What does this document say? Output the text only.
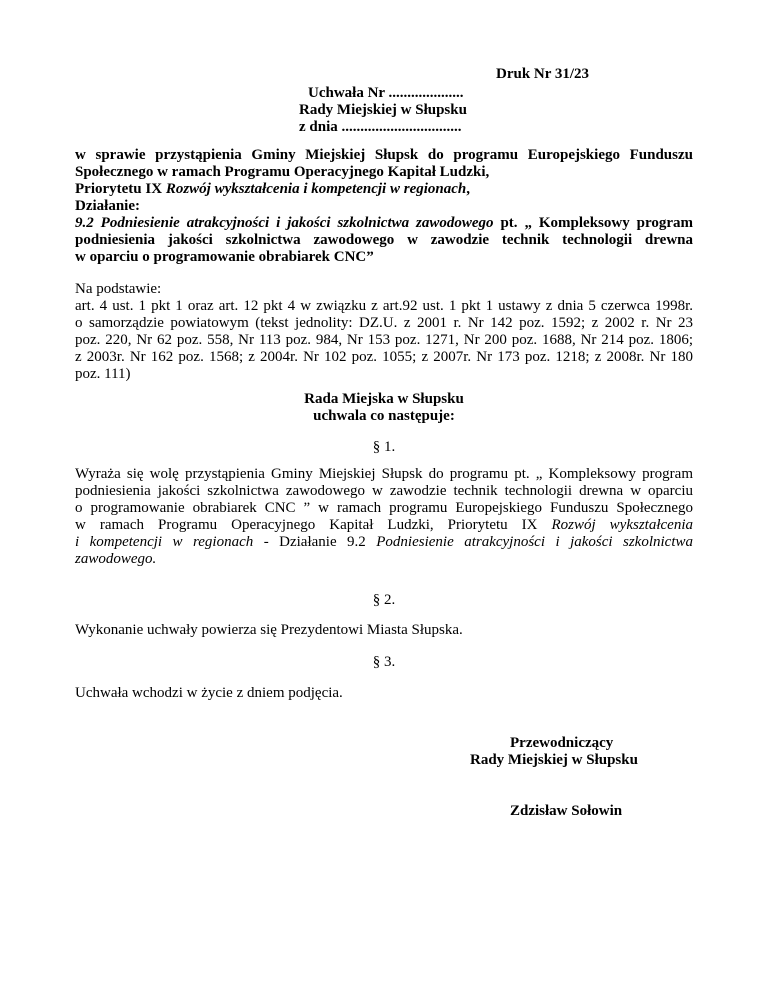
Druk Nr 31/23
Uchwała Nr ....................
Rady Miejskiej w Słupsku
z dnia ................................
w sprawie przystąpienia Gminy Miejskiej Słupsk do programu Europejskiego Funduszu
Społecznego w ramach Programu Operacyjnego Kapitał Ludzki,
Priorytetu IX Rozwój wykształcenia i kompetencji w regionach,
Działanie:
9.2 Podniesienie atrakcyjności i jakości szkolnictwa zawodowego pt. „ Kompleksowy program
podniesienia jakości szkolnictwa zawodowego w zawodzie technik technologii drewna
w oparciu o programowanie obrabiarek CNC”
Na podstawie:
art. 4 ust. 1 pkt 1 oraz art. 12 pkt 4 w związku z art.92 ust. 1 pkt 1 ustawy z dnia 5 czerwca 1998r.
o samorządzie powiatowym (tekst jednolity: DZ.U. z 2001 r. Nr 142 poz. 1592; z 2002 r. Nr 23
poz. 220, Nr 62 poz. 558, Nr 113 poz. 984, Nr 153 poz. 1271, Nr 200 poz. 1688, Nr 214 poz. 1806;
z 2003r. Nr 162 poz. 1568; z 2004r. Nr 102 poz. 1055; z 2007r. Nr 173 poz. 1218; z 2008r. Nr 180
poz. 111)
Rada Miejska w Słupsku
uchwala co następuje:
§ 1.
Wyraża się wolę przystąpienia Gminy Miejskiej Słupsk do programu pt. „ Kompleksowy program
podniesienia jakości szkolnictwa zawodowego w zawodzie technik technologii drewna w oparciu
o programowanie obrabiarek CNC ” w ramach programu Europejskiego Funduszu Społecznego
w ramach Programu Operacyjnego Kapitał Ludzki, Priorytetu IX Rozwój wykształcenia
i kompetencji w regionach - Działanie 9.2 Podniesienie atrakcyjności i jakości szkolnictwa
zawodowego.
§ 2.
Wykonanie uchwały powierza się Prezydentowi Miasta Słupska.
§ 3.
Uchwała wchodzi w życie z dniem podjęcia.
Przewodniczący
Rady Miejskiej w Słupsku
Zdzisław Sołowin
